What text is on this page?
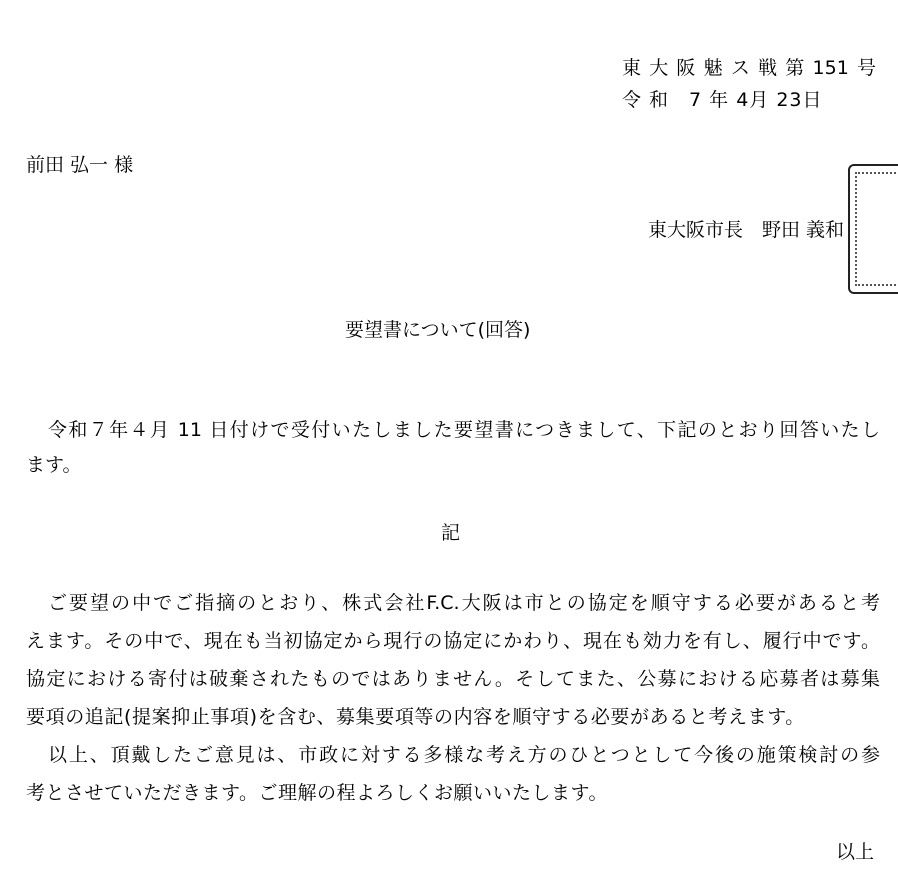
東大阪魅ス戦第151号
令 和　7 年 4月 23日
前田 弘一 様
東大阪市長　野田 義和
要望書について(回答)
令和７年４月 11 日付けで受付いたしました要望書につきまして、下記のとおり回答いたし
ます。
記
ご要望の中でご指摘のとおり、株式会社F.C.大阪は市との協定を順守する必要があると考
えます。その中で、現在も当初協定から現行の協定にかわり、現在も効力を有し、履行中です。
協定における寄付は破棄されたものではありません。そしてまた、公募における応募者は募集
要項の追記(提案抑止事項)を含む、募集要項等の内容を順守する必要があると考えます。
以上、頂戴したご意見は、市政に対する多様な考え方のひとつとして今後の施策検討の参
考とさせていただきます。ご理解の程よろしくお願いいたします。
以上
